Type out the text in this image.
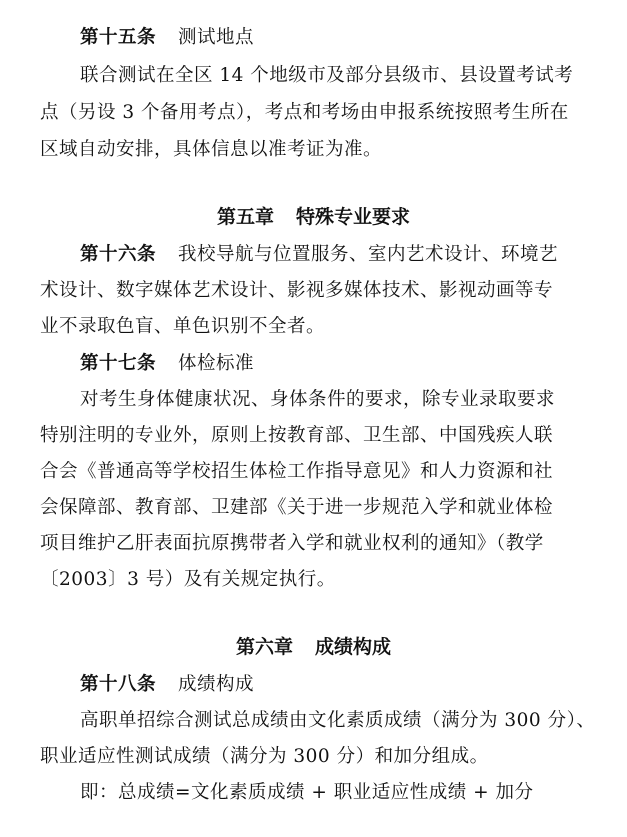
第十五条 测试地点
联合测试在全区 14 个地级市及部分县级市、县设置考试考
点（另设 3 个备用考点），考点和考场由申报系统按照考生所在
区域自动安排，具体信息以准考证为准。
第五章 特殊专业要求
第十六条 我校导航与位置服务、室内艺术设计、环境艺
术设计、数字媒体艺术设计、影视多媒体技术、影视动画等专
业不录取色盲、单色识别不全者。
第十七条 体检标准
对考生身体健康状况、身体条件的要求，除专业录取要求
特别注明的专业外，原则上按教育部、卫生部、中国残疾人联
合会《普通高等学校招生体检工作指导意见》和人力资源和社
会保障部、教育部、卫建部《关于进一步规范入学和就业体检
项目维护乙肝表面抗原携带者入学和就业权利的通知》（教学
〔2003〕3 号）及有关规定执行。
第六章 成绩构成
第十八条 成绩构成
高职单招综合测试总成绩由文化素质成绩（满分为 300 分）、
职业适应性测试成绩（满分为 300 分）和加分组成。
即：总成绩=文化素质成绩 + 职业适应性成绩 + 加分
